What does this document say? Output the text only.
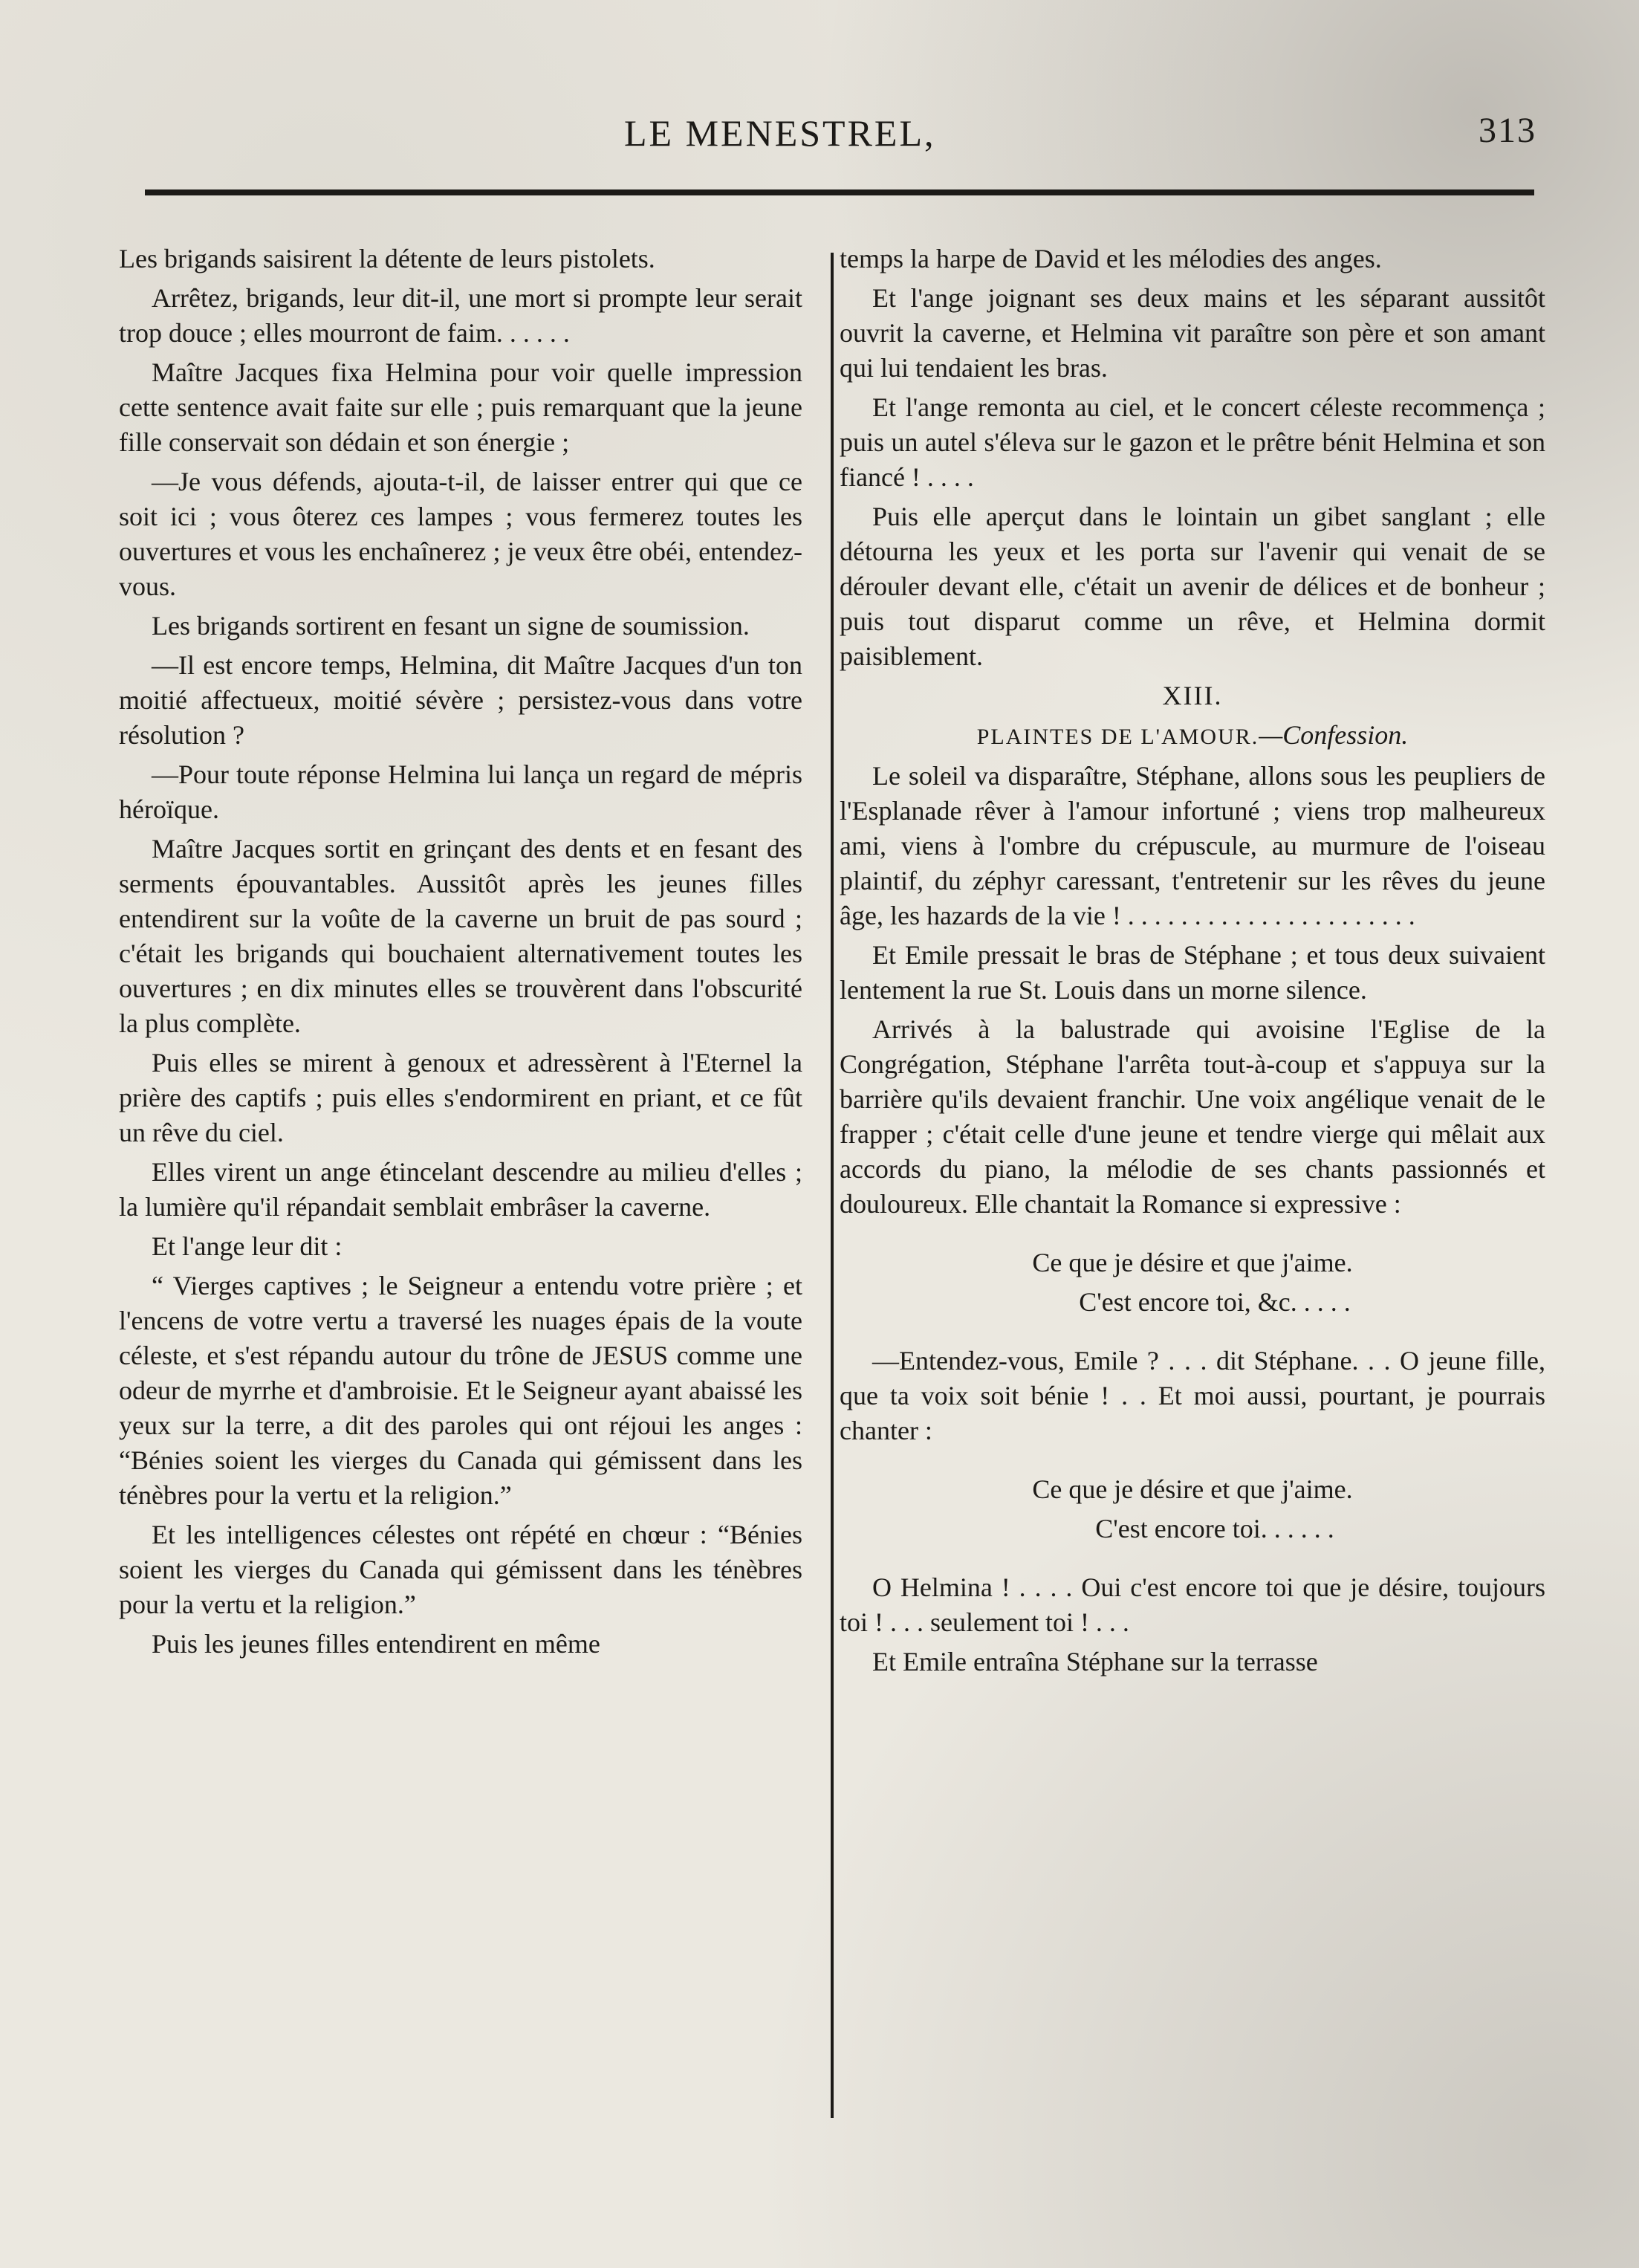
LE MENESTREL,	313

Les brigands saisirent la détente de leurs pistolets.

Arrêtez, brigands, leur dit-il, une mort si prompte leur serait trop douce ; elles mourront de faim. . . . . .

Maître Jacques fixa Helmina pour voir quelle impression cette sentence avait faite sur elle ; puis remarquant que la jeune fille conservait son dédain et son énergie ;

—Je vous défends, ajouta-t-il, de laisser entrer qui que ce soit ici ; vous ôterez ces lampes ; vous fermerez toutes les ouvertures et vous les enchaînerez ; je veux être obéi, entendez-vous.

Les brigands sortirent en fesant un signe de soumission.

—Il est encore temps, Helmina, dit Maître Jacques d'un ton moitié affectueux, moitié sévère ; persistez-vous dans votre résolution ?

—Pour toute réponse Helmina lui lança un regard de mépris héroïque.

Maître Jacques sortit en grinçant des dents et en fesant des serments épouvantables. Aussitôt après les jeunes filles entendirent sur la voûte de la caverne un bruit de pas sourd ; c'était les brigands qui bouchaient alternativement toutes les ouvertures ; en dix minutes elles se trouvèrent dans l'obscurité la plus complète.

Puis elles se mirent à genoux et adressèrent à l'Eternel la prière des captifs ; puis elles s'endormirent en priant, et ce fût un rêve du ciel.

Elles virent un ange étincelant descendre au milieu d'elles ; la lumière qu'il répandait semblait embrâser la caverne.

Et l'ange leur dit :

“ Vierges captives ; le Seigneur a entendu votre prière ; et l'encens de votre vertu a traversé les nuages épais de la voute céleste, et s'est répandu autour du trône de JESUS comme une odeur de myrrhe et d'ambroisie. Et le Seigneur ayant abaissé les yeux sur la terre, a dit des paroles qui ont réjoui les anges : “Bénies soient les vierges du Canada qui gémissent dans les ténèbres pour la vertu et la religion.”

Et les intelligences célestes ont répété en chœur : “Bénies soient les vierges du Canada qui gémissent dans les ténèbres pour la vertu et la religion.”

Puis les jeunes filles entendirent en même

temps la harpe de David et les mélodies des anges.

Et l'ange joignant ses deux mains et les séparant aussitôt ouvrit la caverne, et Helmina vit paraître son père et son amant qui lui tendaient les bras.

Et l'ange remonta au ciel, et le concert céleste recommença ; puis un autel s'éleva sur le gazon et le prêtre bénit Helmina et son fiancé ! . . . .

Puis elle aperçut dans le lointain un gibet sanglant ; elle détourna les yeux et les porta sur l'avenir qui venait de se dérouler devant elle, c'était un avenir de délices et de bonheur ; puis tout disparut comme un rêve, et Helmina dormit paisiblement.

XIII.

PLAINTES DE L'AMOUR.—Confession.

Le soleil va disparaître, Stéphane, allons sous les peupliers de l'Esplanade rêver à l'amour infortuné ; viens trop malheureux ami, viens à l'ombre du crépuscule, au murmure de l'oiseau plaintif, du zéphyr caressant, t'entretenir sur les rêves du jeune âge, les hazards de la vie ! . . . . . . . . . . . . . . . . . . . . . .

Et Emile pressait le bras de Stéphane ; et tous deux suivaient lentement la rue St. Louis dans un morne silence.

Arrivés à la balustrade qui avoisine l'Eglise de la Congrégation, Stéphane l'arrêta tout-à-coup et s'appuya sur la barrière qu'ils devaient franchir. Une voix angélique venait de le frapper ; c'était celle d'une jeune et tendre vierge qui mêlait aux accords du piano, la mélodie de ses chants passionnés et douloureux. Elle chantait la Romance si expressive :

Ce que je désire et que j'aime.

C'est encore toi, &c. . . . .

—Entendez-vous, Emile ? . . . dit Stéphane. . . O jeune fille, que ta voix soit bénie ! . . Et moi aussi, pourtant, je pourrais chanter :

Ce que je désire et que j'aime.

C'est encore toi. . . . . .

O Helmina ! . . . . Oui c'est encore toi que je désire, toujours toi ! . . . seulement toi ! . . .

Et Emile entraîna Stéphane sur la terrasse
